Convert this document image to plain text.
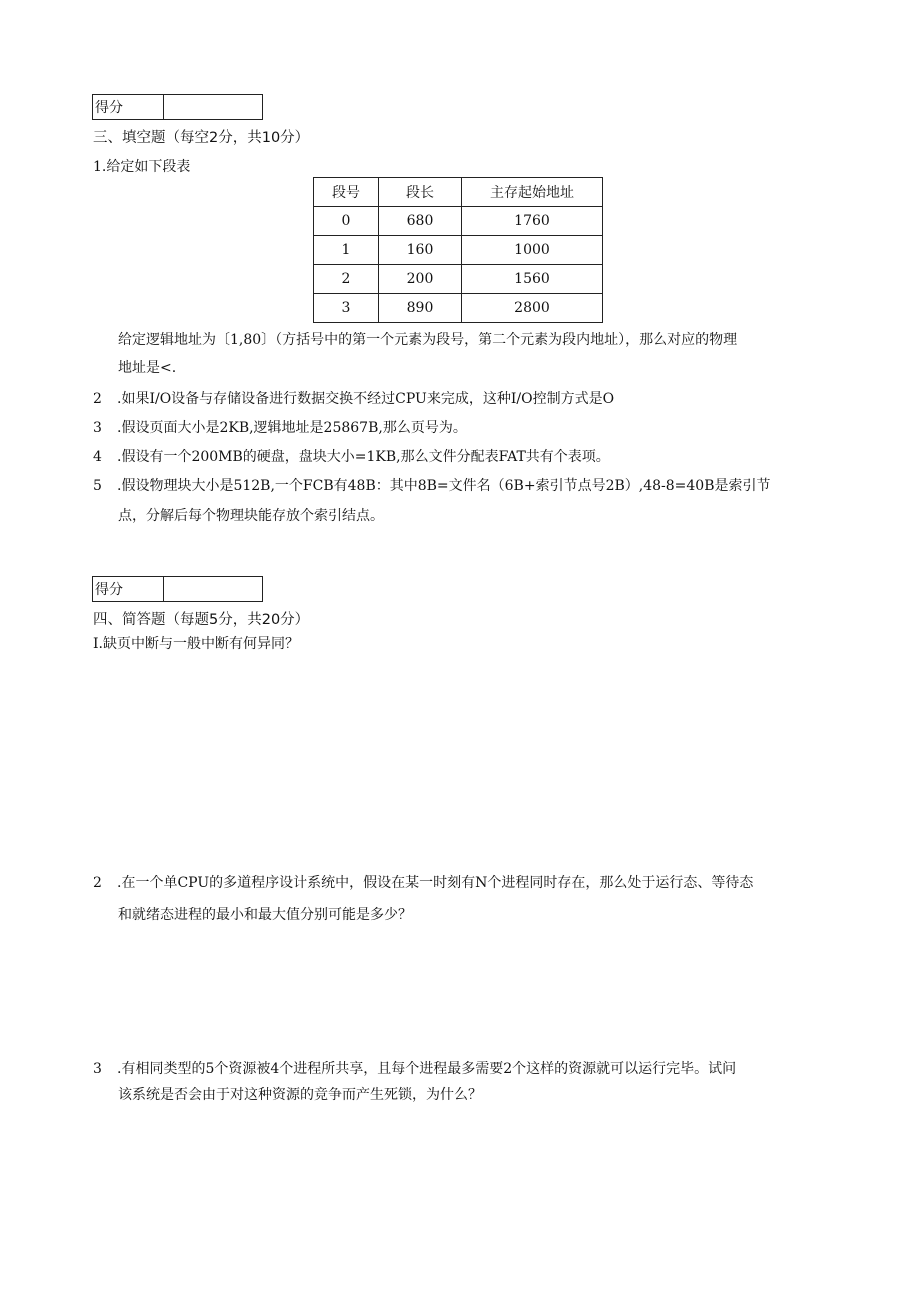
得分	
三、填空题（每空2分，共10分）
1.给定如下段表
段号	段长	主存起始地址
0	680	1760
1	160	1000
2	200	1560
3	890	2800
给定逻辑地址为〔1,80〕（方括号中的第一个元素为段号，第二个元素为段内地址），那么对应的物理
地址是<.
2 .如果I/O设备与存储设备进行数据交换不经过CPU来完成，这种I/O控制方式是O
3 .假设页面大小是2KB,逻辑地址是25867B,那么页号为。
4 .假设有一个200MB的硬盘，盘块大小=1KB,那么文件分配表FAT共有个表项。
5 .假设物理块大小是512B,一个FCB有48B：其中8B=文件名（6B+索引节点号2B）,48-8=40B是索引节
点，分解后每个物理块能存放个索引结点。
得分	
四、简答题（每题5分，共20分）
I.缺页中断与一般中断有何异同？
2 .在一个单CPU的多道程序设计系统中，假设在某一时刻有N个进程同时存在，那么处于运行态、等待态
和就绪态进程的最小和最大值分别可能是多少？
3 .有相同类型的5个资源被4个进程所共享，且每个进程最多需要2个这样的资源就可以运行完毕。试问
该系统是否会由于对这种资源的竞争而产生死锁，为什么？
